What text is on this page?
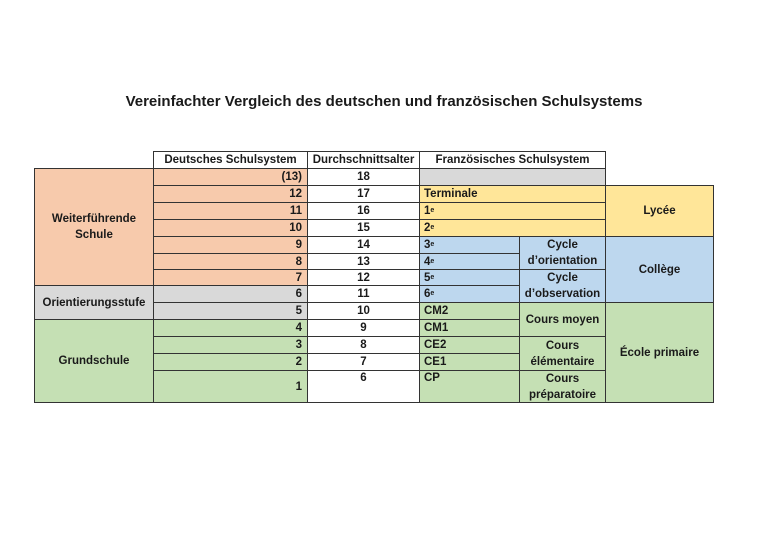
Vereinfachter Vergleich des deutschen und französischen Schulsystems
Deutsches Schulsystem	Durchschnittsalter	Französisches Schulsystem
Weiterführende Schule
Orientierungsstufe
Grundschule
(13)
12
11
10
9
8
7
6
5
4
3
2
1
18
17
16
15
14
13
12
11
10
9
8
7
6
Terminale
1 e
2 e
3 e
4 e
5 e
6 e
CM2
CM1
CE2
CE1
CP
Cycle d’orientation
Cycle d’observation
Cours moyen
Cours élémentaire
Cours préparatoire
Lycée
Collège
École primaire
